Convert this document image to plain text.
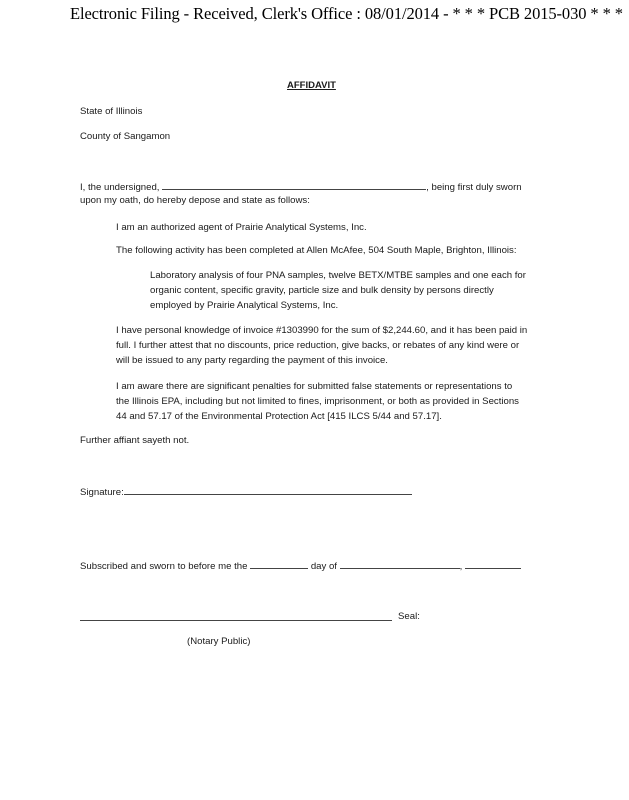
Electronic Filing - Received, Clerk's Office : 08/01/2014 - * * * PCB 2015-030 * * *
AFFIDAVIT
State of Illinois
County of Sangamon
I, the undersigned,	, being first duly sworn
upon my oath, do hereby depose and state as follows:
I am an authorized agent of Prairie Analytical Systems, Inc.
The following activity has been completed at Allen McAfee, 504 South Maple, Brighton, Illinois:
Laboratory analysis of four PNA samples, twelve BETX/MTBE samples and one each for
organic content, specific gravity, particle size and bulk density by persons directly
employed by Prairie Analytical Systems, Inc.
I have personal knowledge of invoice #1303990 for the sum of $2,244.60, and it has been paid in
full. I further attest that no discounts, price reduction, give backs, or rebates of any kind were or
will be issued to any party regarding the payment of this invoice.
I am aware there are significant penalties for submitted false statements or representations to
the Illinois EPA, including but not limited to fines, imprisonment, or both as provided in Sections
44 and 57.17 of the Environmental Protection Act [415 ILCS 5/44 and 57.17].
Further affiant sayeth not.
Signature:
Subscribed and sworn to before me the	day of	,
Seal:
(Notary Public)
